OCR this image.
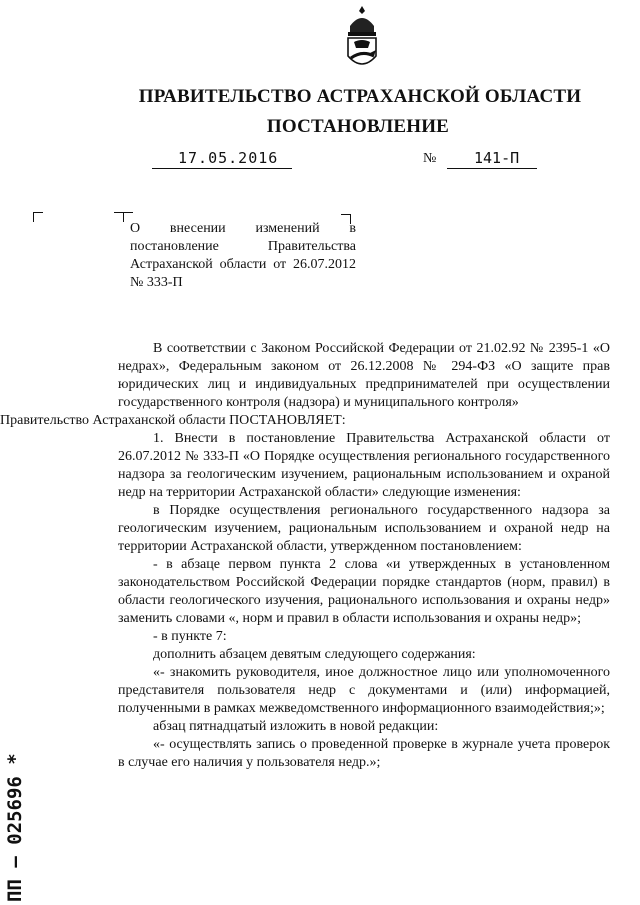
ПРАВИТЕЛЬСТВО АСТРАХАНСКОЙ ОБЛАСТИ
ПОСТАНОВЛЕНИЕ
17.05.2016	№	141-П
О внесении изменений в постановление Правительства Астраханской области от 26.07.2012 № 333-П

В соответствии с Законом Российской Федерации от 21.02.92 № 2395-1 «О недрах», Федеральным законом от 26.12.2008 № 294-ФЗ «О защите прав юридических лиц и индивидуальных предпринимателей при осуществлении государственного контроля (надзора) и муниципального контроля»

Правительство Астраханской области ПОСТАНОВЛЯЕТ:

1. Внести в постановление Правительства Астраханской области от 26.07.2012 № 333-П «О Порядке осуществления регионального государственного надзора за геологическим изучением, рациональным использованием и охраной недр на территории Астраханской области» следующие изменения:

в Порядке осуществления регионального государственного надзора за геологическим изучением, рациональным использованием и охраной недр на территории Астраханской области, утвержденном постановлением:

- в абзаце первом пункта 2 слова «и утвержденных в установленном законодательством Российской Федерации порядке стандартов (норм, правил) в области геологического изучения, рационального использования и охраны недр» заменить словами «, норм и правил в области использования и охраны недр»;

- в пункте 7:

дополнить абзацем девятым следующего содержания:

«- знакомить руководителя, иное должностное лицо или уполномоченного представителя пользователя недр с документами и (или) информацией, полученными в рамках межведомственного информационного взаимодействия;»;

абзац пятнадцатый изложить в новой редакции:

«- осуществлять запись о проведенной проверке в журнале учета проверок в случае его наличия у пользователя недр.»;

ПП – 025696 *
